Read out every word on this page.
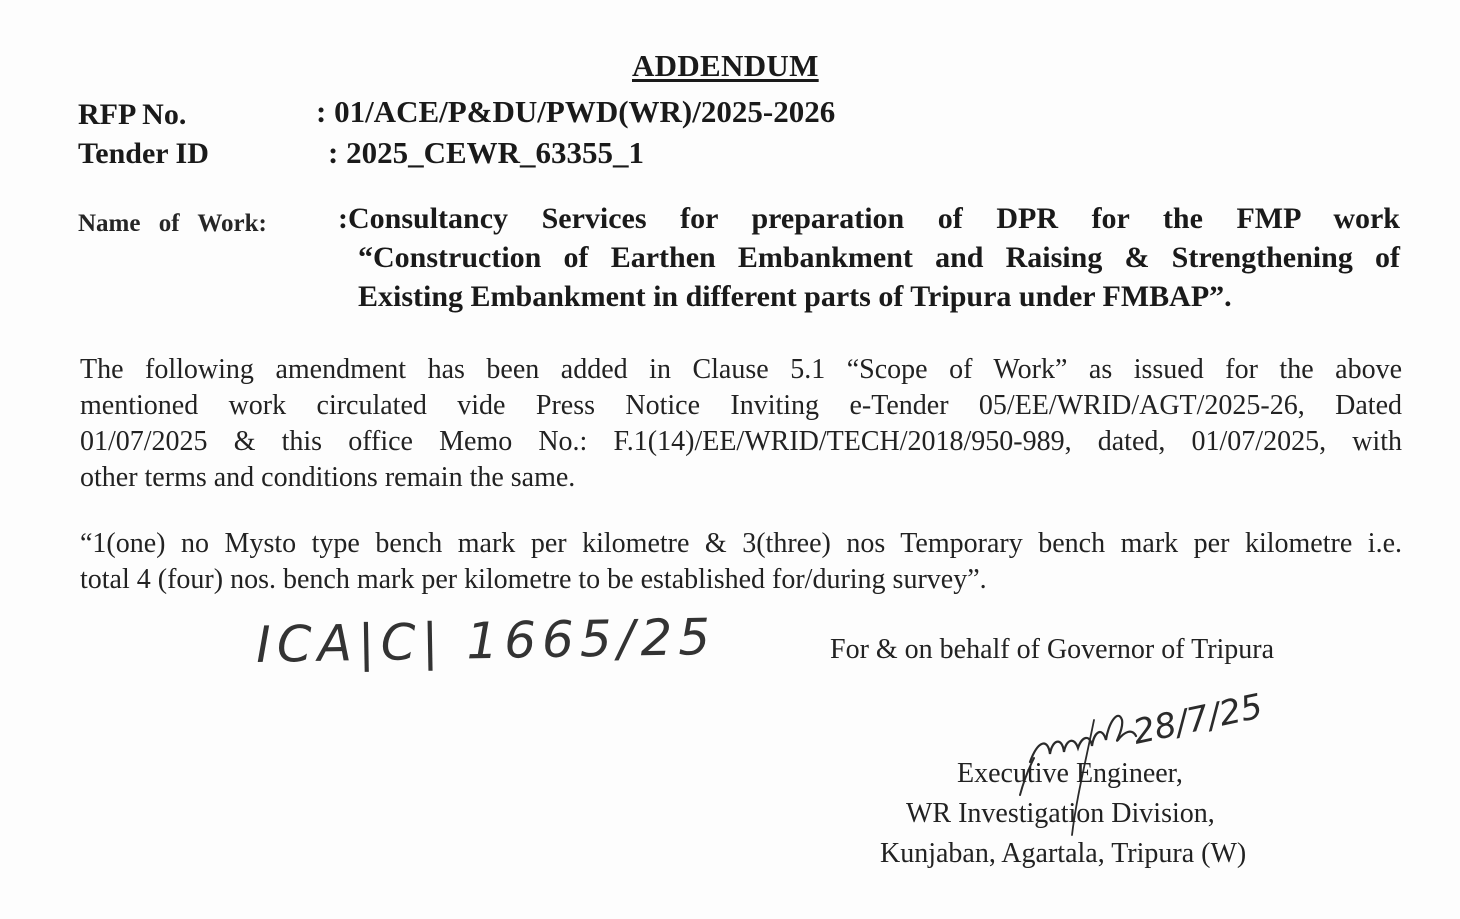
ADDENDUM
RFP No.	: 01/ACE/P&DU/PWD(WR)/2025-2026
Tender ID	: 2025_CEWR_63355_1
Name of Work: :Consultancy Services for preparation of DPR for the FMP work
“Construction of Earthen Embankment and Raising & Strengthening of
Existing Embankment in different parts of Tripura under FMBAP”.
The following amendment has been added in Clause 5.1 “Scope of Work” as issued for the above
mentioned work circulated vide Press Notice Inviting e-Tender 05/EE/WRID/AGT/2025-26, Dated
01/07/2025 & this office Memo No.: F.1(14)/EE/WRID/TECH/2018/950-989, dated, 01/07/2025, with
other terms and conditions remain the same.
“1(one) no Mysto type bench mark per kilometre & 3(three) nos Temporary bench mark per kilometre i.e.
total 4 (four) nos. bench mark per kilometre to be established for/during survey”.
ICA|C| 1665/25	For & on behalf of Governor of Tripura
28/7/25
Executive Engineer,
WR Investigation Division,
Kunjaban, Agartala, Tripura (W)
